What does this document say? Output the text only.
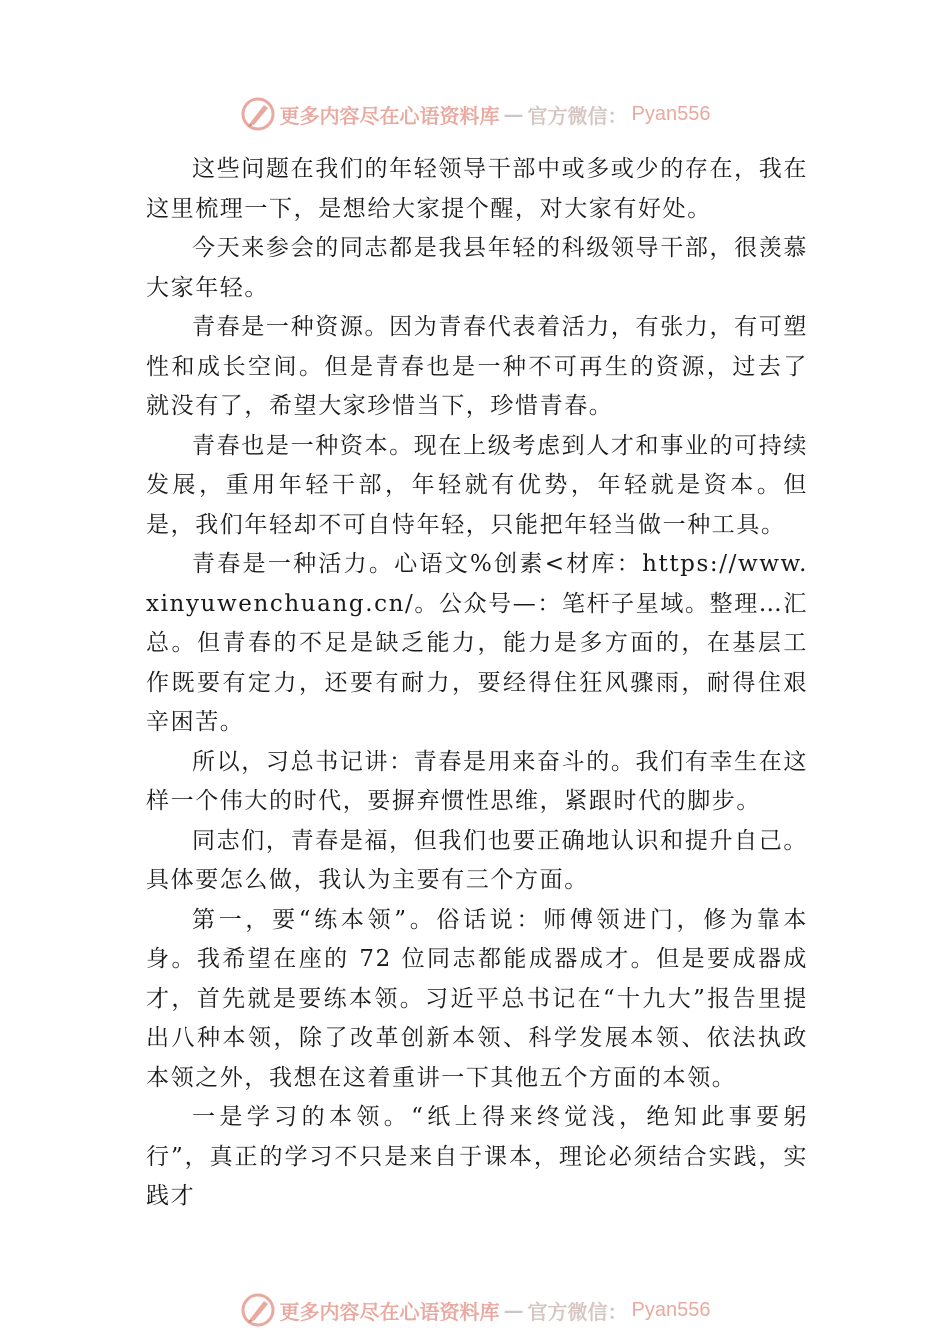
更多内容尽在心语资料库 — 官方微信： Pyan556

这些问题在我们的年轻领导干部中或多或少的存在，我在这里梳理一下，是想给大家提个醒，对大家有好处。

今天来参会的同志都是我县年轻的科级领导干部，很羡慕大家年轻。

青春是一种资源。因为青春代表着活力，有张力，有可塑性和成长空间。但是青春也是一种不可再生的资源，过去了就没有了，希望大家珍惜当下，珍惜青春。

青春也是一种资本。现在上级考虑到人才和事业的可持续发展，重用年轻干部，年轻就有优势，年轻就是资本。但是，我们年轻却不可自恃年轻，只能把年轻当做一种工具。

青春是一种活力。心语文%创素<材库：https://www.xinyuwenchuang.cn/。公众号—：笔杆子星域。整理…汇总。但青春的不足是缺乏能力，能力是多方面的，在基层工作既要有定力，还要有耐力，要经得住狂风骤雨，耐得住艰辛困苦。

所以，习总书记讲：青春是用来奋斗的。我们有幸生在这样一个伟大的时代，要摒弃惯性思维，紧跟时代的脚步。

同志们，青春是福，但我们也要正确地认识和提升自己。具体要怎么做，我认为主要有三个方面。

第一，要“练本领”。俗话说：师傅领进门，修为靠本身。我希望在座的 72 位同志都能成器成才。但是要成器成才，首先就是要练本领。习近平总书记在“十九大”报告里提出八种本领，除了改革创新本领、科学发展本领、依法执政本领之外，我想在这着重讲一下其他五个方面的本领。

一是学习的本领。“纸上得来终觉浅，绝知此事要躬行”，真正的学习不只是来自于课本，理论必须结合实践，实践才

更多内容尽在心语资料库 — 官方微信： Pyan556
